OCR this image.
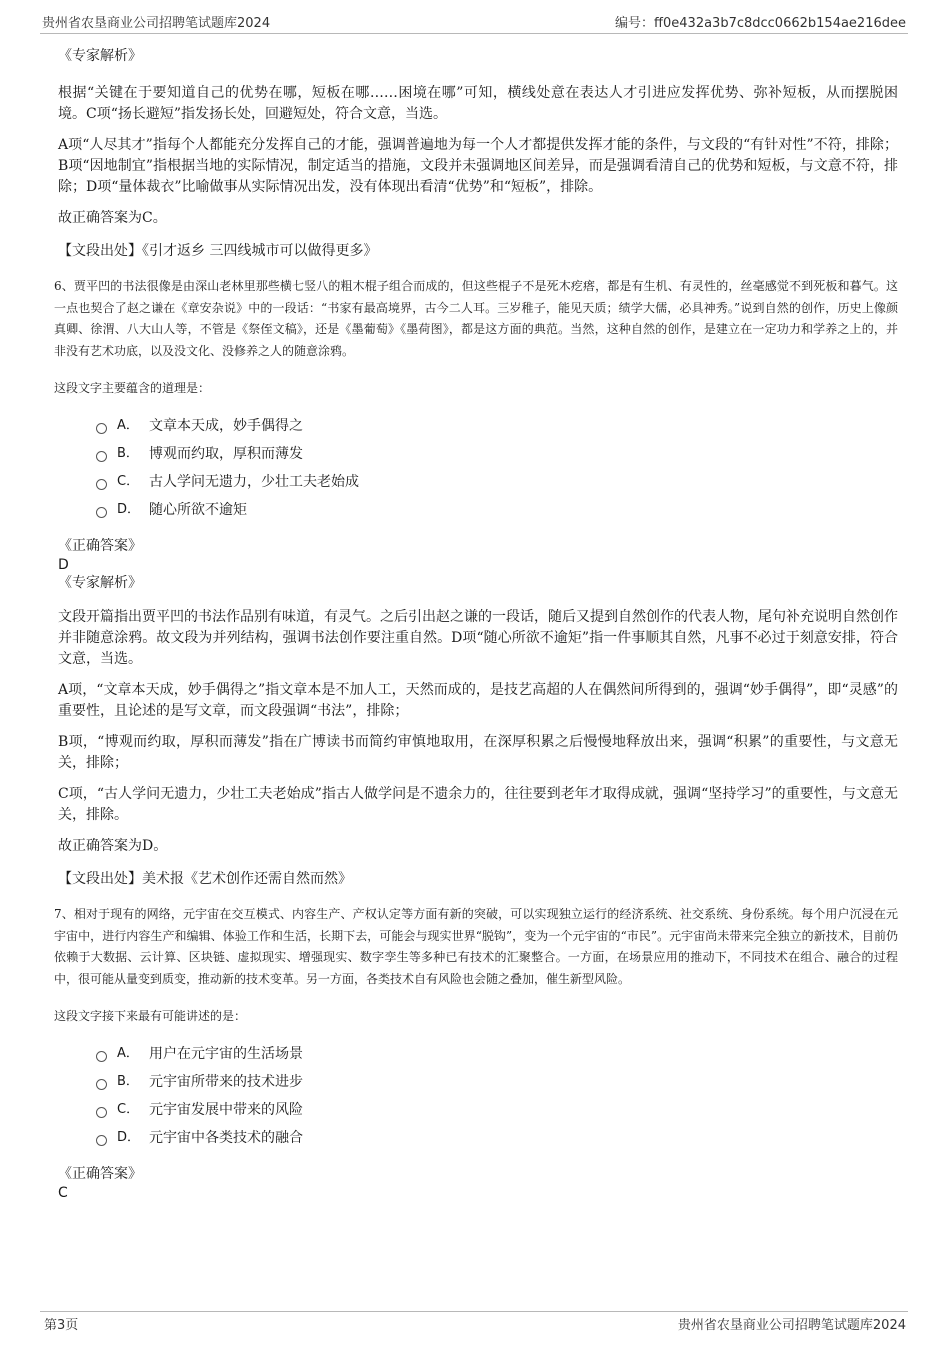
贵州省农垦商业公司招聘笔试题库2024	编号：ff0e432a3b7c8dcc0662b154ae216dee

《专家解析》

根据“关键在于要知道自己的优势在哪，短板在哪……困境在哪”可知，横线处意在表达人才引进应发挥优势、弥补短板，从而摆脱困境。C项“扬长避短”指发扬长处，回避短处，符合文意，当选。

A项“人尽其才”指每个人都能充分发挥自己的才能，强调普遍地为每一个人才都提供发挥才能的条件，与文段的“有针对性”不符，排除；B项“因地制宜”指根据当地的实际情况，制定适当的措施，文段并未强调地区间差异，而是强调看清自己的优势和短板，与文意不符，排除；D项“量体裁衣”比喻做事从实际情况出发，没有体现出看清“优势”和“短板”，排除。

故正确答案为C。

【文段出处】《引才返乡 三四线城市可以做得更多》

6、贾平凹的书法很像是由深山老林里那些横七竖八的粗木棍子组合而成的，但这些棍子不是死木疙瘩，都是有生机、有灵性的，丝毫感觉不到死板和暮气。这一点也契合了赵之谦在《章安杂说》中的一段话：“书家有最高境界，古今二人耳。三岁稚子，能见天质；绩学大儒，必具神秀。”说到自然的创作，历史上像颜真卿、徐渭、八大山人等，不管是《祭侄文稿》，还是《墨葡萄》《墨荷图》，都是这方面的典范。当然，这种自然的创作，是建立在一定功力和学养之上的，并非没有艺术功底，以及没文化、没修养之人的随意涂鸦。

这段文字主要蕴含的道理是：

A． 文章本天成，妙手偶得之
B． 博观而约取，厚积而薄发
C． 古人学问无遗力，少壮工夫老始成
D． 随心所欲不逾矩

《正确答案》

D

《专家解析》

文段开篇指出贾平凹的书法作品别有味道，有灵气。之后引出赵之谦的一段话，随后又提到自然创作的代表人物，尾句补充说明自然创作并非随意涂鸦。故文段为并列结构，强调书法创作要注重自然。D项“随心所欲不逾矩”指一件事顺其自然，凡事不必过于刻意安排，符合文意，当选。

A项，“文章本天成，妙手偶得之”指文章本是不加人工，天然而成的，是技艺高超的人在偶然间所得到的，强调“妙手偶得”，即“灵感”的重要性，且论述的是写文章，而文段强调“书法”，排除；

B项，“博观而约取，厚积而薄发”指在广博读书而简约审慎地取用，在深厚积累之后慢慢地释放出来，强调“积累”的重要性，与文意无关，排除；

C项，“古人学问无遗力，少壮工夫老始成”指古人做学问是不遗余力的，往往要到老年才取得成就，强调“坚持学习”的重要性，与文意无关，排除。

故正确答案为D。

【文段出处】美术报《艺术创作还需自然而然》

7、相对于现有的网络，元宇宙在交互模式、内容生产、产权认定等方面有新的突破，可以实现独立运行的经济系统、社交系统、身份系统。每个用户沉浸在元宇宙中，进行内容生产和编辑、体验工作和生活，长期下去，可能会与现实世界“脱钩”，变为一个元宇宙的“市民”。元宇宙尚未带来完全独立的新技术，目前仍依赖于大数据、云计算、区块链、虚拟现实、增强现实、数字孪生等多种已有技术的汇聚整合。一方面，在场景应用的推动下，不同技术在组合、融合的过程中，很可能从量变到质变，推动新的技术变革。另一方面，各类技术自有风险也会随之叠加，催生新型风险。

这段文字接下来最有可能讲述的是：

A． 用户在元宇宙的生活场景
B． 元宇宙所带来的技术进步
C． 元宇宙发展中带来的风险
D． 元宇宙中各类技术的融合

《正确答案》

C

第3页	贵州省农垦商业公司招聘笔试题库2024
